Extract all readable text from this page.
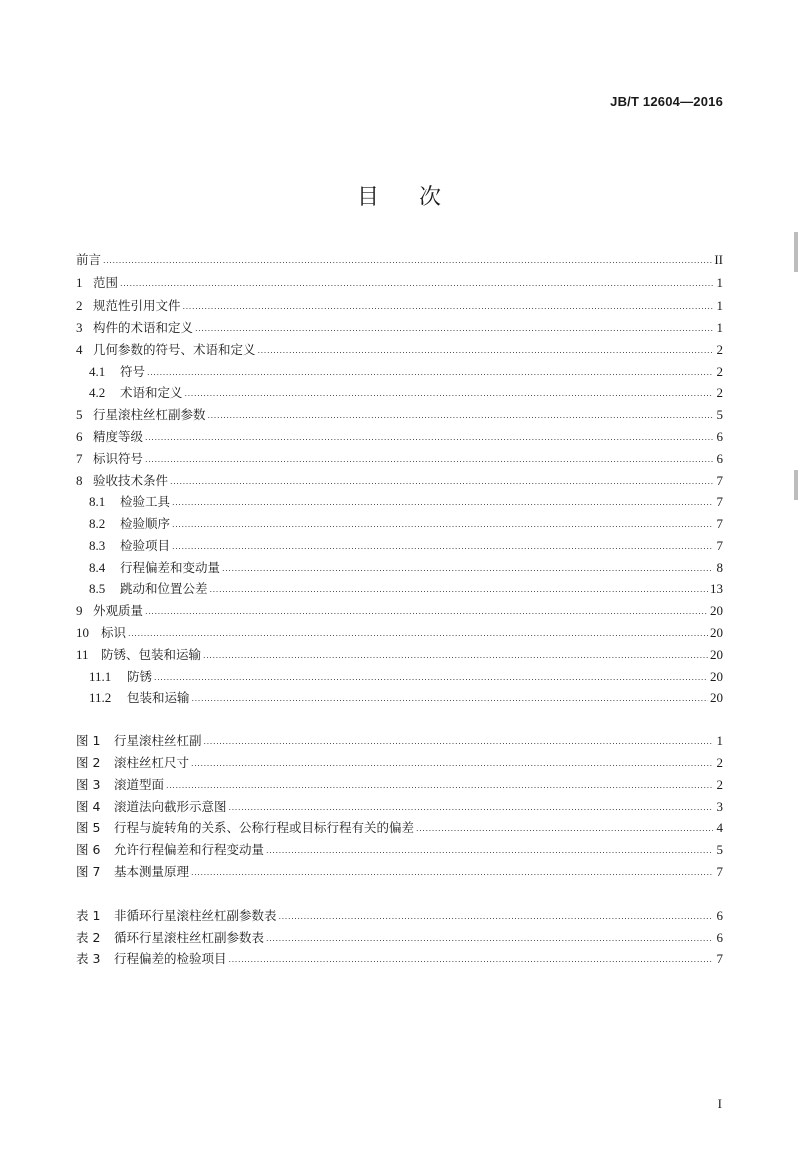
JB/T 12604—2016
目次
前言 .....	II
1 范围 .....	1
2 规范性引用文件 .....	1
3 构件的术语和定义 .....	1
4 几何参数的符号、术语和定义 .....	2
4.1	符号 .....	2
4.2	术语和定义 .....	2
5 行星滚柱丝杠副参数 .....	5
6 精度等级 .....	6
7 标识符号 .....	6
8 验收技术条件 .....	7
8.1	检验工具 .....	7
8.2	检验顺序 .....	7
8.3	检验项目 .....	7
8.4	行程偏差和变动量 .....	8
8.5	跳动和位置公差 .....	13
9 外观质量 .....	20
10 标识 .....	20
11 防锈、包装和运输 .....	20
11.1	防锈 .....	20
11.2	包装和运输 .....	20
图 1	行星滚柱丝杠副 .....	1
图 2	滚柱丝杠尺寸 .....	2
图 3	滚道型面 .....	2
图 4	滚道法向截形示意图 .....	3
图 5	行程与旋转角的关系、公称行程或目标行程有关的偏差 .....	4
图 6	允许行程偏差和行程变动量 .....	5
图 7	基本测量原理 .....	7
表 1	非循环行星滚柱丝杠副参数表 .....	6
表 2	循环行星滚柱丝杠副参数表 .....	6
表 3	行程偏差的检验项目 .....	7
I
